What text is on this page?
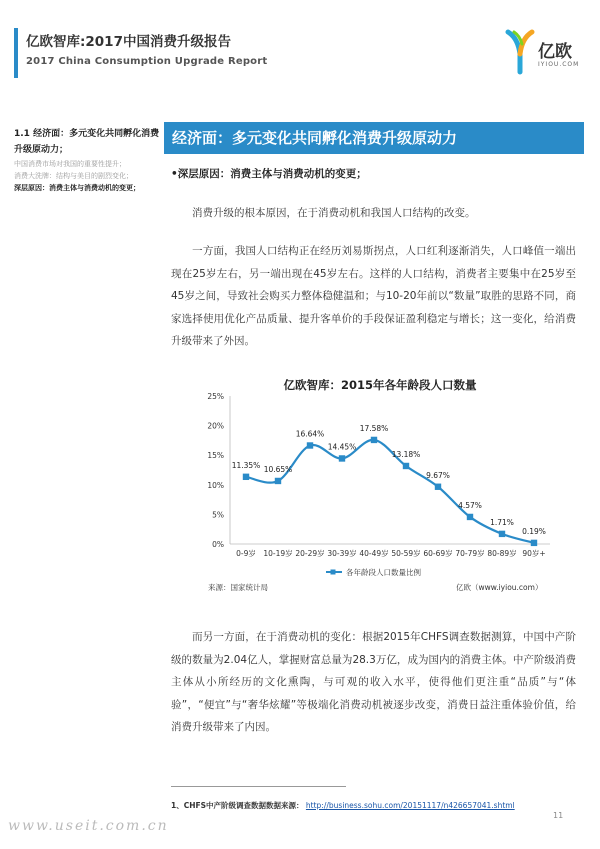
亿欧智库:2017中国消费升级报告
2017 China Consumption Upgrade Report	亿欧
IYIOU.COM
1.1 经济面：多元变化共同孵化消费升级原动力；
中国消费市场对我国的重要性提升；
消费大洗牌：结构与美目的剧烈变化；
深层原因：消费主体与消费动机的变更；
经济面：多元变化共同孵化消费升级原动力
•深层原因：消费主体与消费动机的变更；

消费升级的根本原因，在于消费动机和我国人口结构的改变。

一方面，我国人口结构正在经历刘易斯拐点，人口红利逐渐消失，人口峰值一端出现在25岁左右，另一端出现在45岁左右。这样的人口结构，消费者主要集中在25岁至45岁之间，导致社会购买力整体稳健温和；与10-20年前以“数量”取胜的思路不同，商家选择使用优化产品质量、提升客单价的手段保证盈利稳定与增长；这一变化，给消费升级带来了外因。

亿欧智库：2015年各年龄段人口数量
0%
5%
10%
15%
20%
25%
0-9岁 10-19岁 20-29岁 30-39岁 40-49岁 50-59岁 60-69岁 70-79岁 80-89岁 90岁+
11.35% 10.65%
16.64%
14.45%
17.58%
13.18%
9.67%
4.57%
1.71%
0.19%
各年龄段人口数量比例
来源：国家统计局	亿欧（www.iyiou.com）

而另一方面，在于消费动机的变化：根据2015年CHFS调查数据测算，中国中产阶级的数量为2.04亿人，掌握财富总量为28.3万亿，成为国内的消费主体。中产阶级消费主体从小所经历的文化熏陶，与可观的收入水平，使得他们更注重“品质”与“体验”，“便宜”与“奢华炫耀”等极端化消费动机被逐步改变，消费日益注重体验价值，给消费升级带来了内因。

1、CHFS中产阶级调查数据数据来源： http://business.sohu.com/20151117/n426657041.shtml
11
www.useit.com.cn
